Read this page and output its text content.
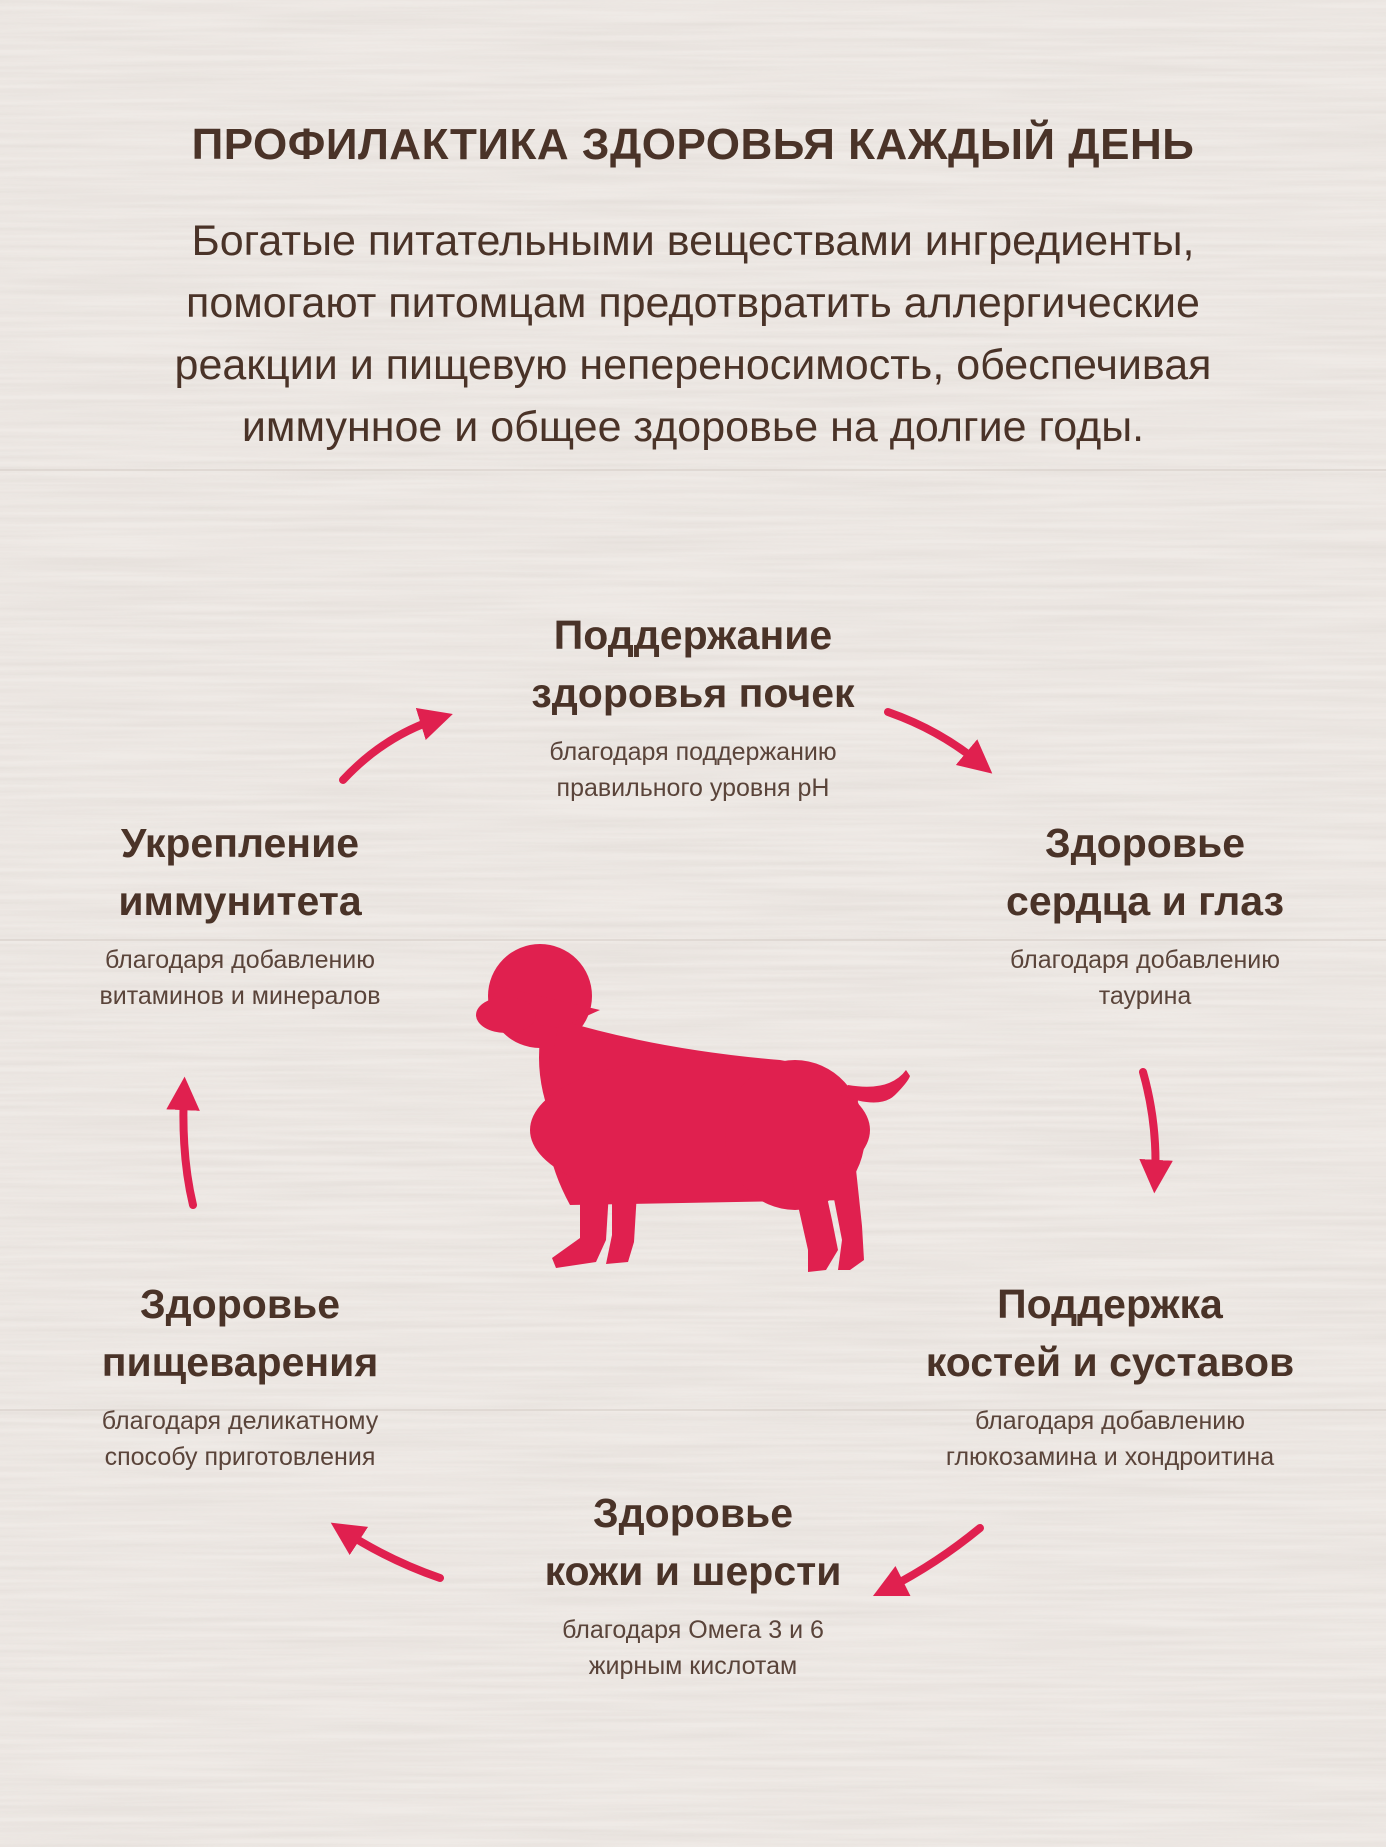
ПРОФИЛАКТИКА ЗДОРОВЬЯ КАЖДЫЙ ДЕНЬ
Богатые питательными веществами ингредиенты,
помогают питомцам предотвратить аллергические
реакции и пищевую непереносимость, обеспечивая
иммунное и общее здоровье на долгие годы.
Поддержание
здоровья почек
благодаря поддержанию
правильного уровня pH
Здоровье
сердца и глаз
благодаря добавлению
таурина
Поддержка
костей и суставов
благодаря добавлению
глюкозамина и хондроитина
Здоровье
кожи и шерсти
благодаря Омега 3 и 6
жирным кислотам
Здоровье
пищеварения
благодаря деликатному
способу приготовления
Укрепление
иммунитета
благодаря добавлению
витаминов и минералов
